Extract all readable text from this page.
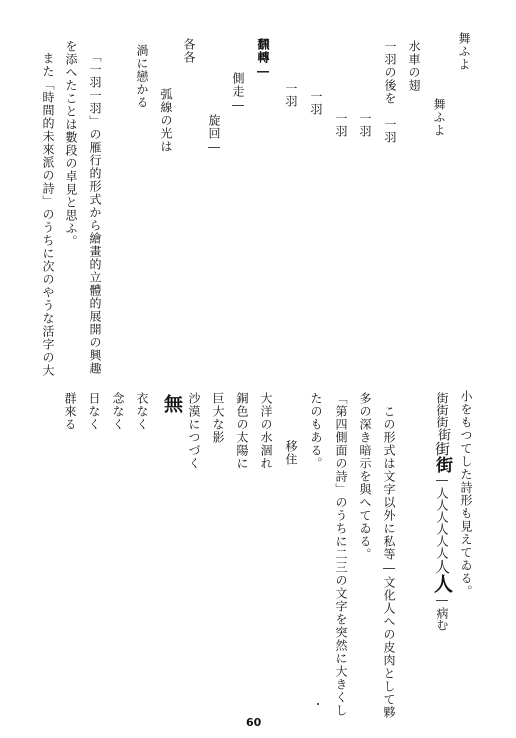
舞ふよ
舞ふよ
水車の翅
一羽の後を　一羽
一羽
一羽
一羽
一羽
旋回―
側走―
飜轉―
各各
弧線の光は
渦に戀かる
「一羽一羽」の雁行的形式から繪畫的立體的展開の興趣
を添へたことは數段の卓見と思ふ。
また「時間的未來派の詩」のうちに次のやうな活字の大
小をもつてした詩形も見えてゐる。
街街街街街街―人人人人人人人人―病む
この形式は文字以外に私等―文化人への皮肉として夥
多の深き暗示を與へてゐる。
「第四側面の詩」のうちに二三の文字を突然に大きくし
たのもある。
移住
大洋の水涸れ
銅色の太陽に
巨大な影
沙漠につづく
無
衣なく
念なく
日なく
群來る
60
